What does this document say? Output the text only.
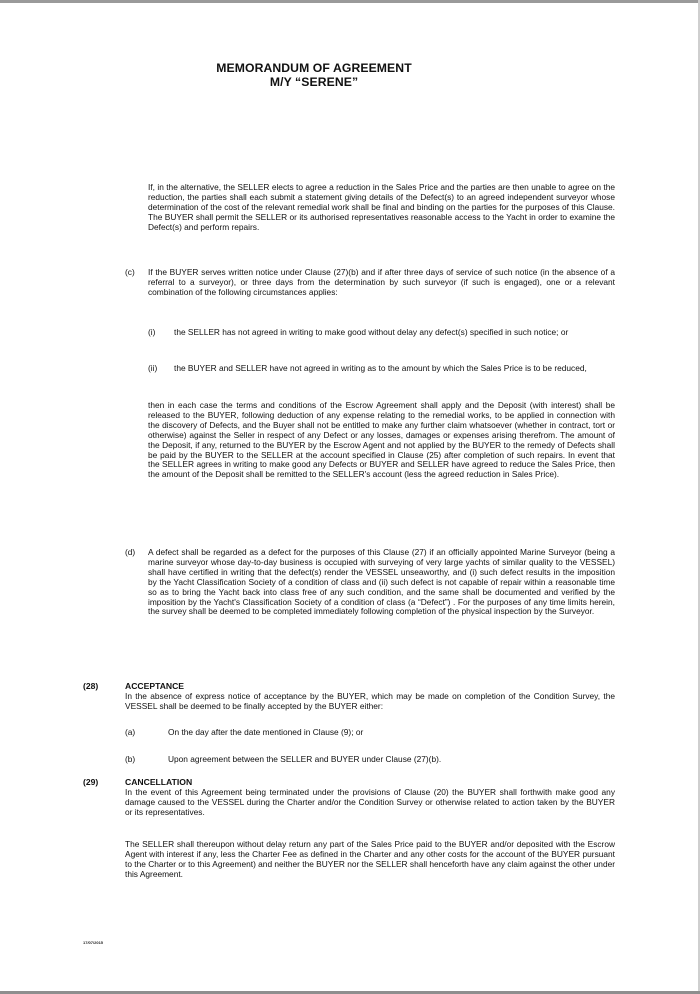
MEMORANDUM OF AGREEMENT
M/Y “SERENE”

If, in the alternative, the SELLER elects to agree a reduction in the Sales Price and the parties are then unable to agree on the reduction, the parties shall each submit a statement giving details of the Defect(s) to an agreed independent surveyor whose determination of the cost of the relevant remedial work shall be final and binding on the parties for the purposes of this Clause. The BUYER shall permit the SELLER or its authorised representatives reasonable access to the Yacht in order to examine the Defect(s) and perform repairs.

(c) If the BUYER serves written notice under Clause (27)(b) and if after three days of service of such notice (in the absence of a referral to a surveyor), or three days from the determination by such surveyor (if such is engaged), one or a relevant combination of the following circumstances applies:

(i) the SELLER has not agreed in writing to make good without delay any defect(s) specified in such notice; or

(ii) the BUYER and SELLER have not agreed in writing as to the amount by which the Sales Price is to be reduced,

then in each case the terms and conditions of the Escrow Agreement shall apply and the Deposit (with interest) shall be released to the BUYER, following deduction of any expense relating to the remedial works, to be applied in connection with the discovery of Defects, and the Buyer shall not be entitled to make any further claim whatsoever (whether in contract, tort or otherwise) against the Seller in respect of any Defect or any losses, damages or expenses arising therefrom. The amount of the Deposit, if any, returned to the BUYER by the Escrow Agent and not applied by the BUYER to the remedy of Defects shall be paid by the BUYER to the SELLER at the account specified in Clause (25) after completion of such repairs. In event that the SELLER agrees in writing to make good any Defects or BUYER and SELLER have agreed to reduce the Sales Price, then the amount of the Deposit shall be remitted to the SELLER's account (less the agreed reduction in Sales Price).

(d) A defect shall be regarded as a defect for the purposes of this Clause (27) if an officially appointed Marine Surveyor (being a marine surveyor whose day-to-day business is occupied with surveying of very large yachts of similar quality to the VESSEL) shall have certified in writing that the defect(s) render the VESSEL unseaworthy, and (i) such defect results in the imposition by the Yacht Classification Society of a condition of class and (ii) such defect is not capable of repair within a reasonable time so as to bring the Yacht back into class free of any such condition, and the same shall be documented and verified by the imposition by the Yacht's Classification Society of a condition of class (a “Defect”) . For the purposes of any time limits herein, the survey shall be deemed to be completed immediately following completion of the physical inspection by the Surveyor.

(28)	ACCEPTANCE

In the absence of express notice of acceptance by the BUYER, which may be made on completion of the Condition Survey, the VESSEL shall be deemed to be finally accepted by the BUYER either:

(a)	On the day after the date mentioned in Clause (9); or

(b)	Upon agreement between the SELLER and BUYER under Clause (27)(b).

(29)	CANCELLATION

In the event of this Agreement being terminated under the provisions of Clause (20) the BUYER shall forthwith make good any damage caused to the VESSEL during the Charter and/or the Condition Survey or otherwise related to action taken by the BUYER or its representatives.

The SELLER shall thereupon without delay return any part of the Sales Price paid to the BUYER and/or deposited with the Escrow Agent with interest if any, less the Charter Fee as defined in the Charter and any other costs for the account of the BUYER pursuant to the Charter or to this Agreement) and neither the BUYER nor the SELLER shall henceforth have any claim against the other under this Agreement.

17/07/2015
